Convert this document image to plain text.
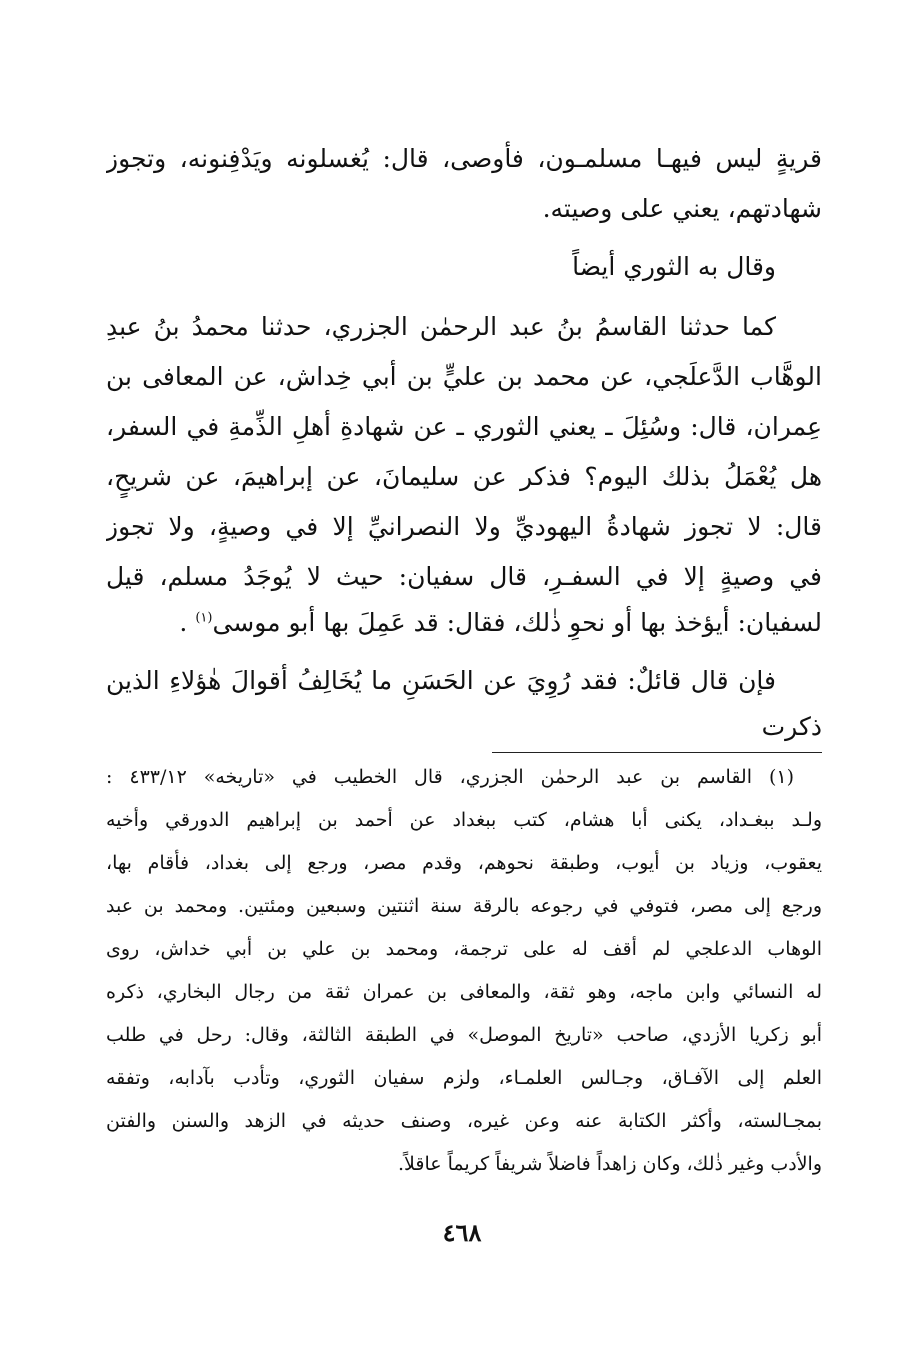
قريةٍ ليس فيهـا مسلمـون، فأوصى، قال: يُغسلونه ويَدْفِنونه، وتجوز
شهادتهم، يعني على وصيته.
وقال به الثوري أيضاً
كما حدثنا القاسمُ بنُ عبد الرحمٰن الجزري، حدثنا محمدُ بنُ عبدِ
الوهَّاب الدَّعلَجي، عن محمد بن عليٍّ بن أبي خِداش، عن المعافى بن
عِمران، قال: وسُئِلَ ـ يعني الثوري ـ عن شهادةِ أهلِ الذِّمةِ في السفر،
هل يُعْمَلُ بذلك اليوم؟ فذكر عن سليمانَ، عن إبراهيمَ، عن شريحٍ،
قال: لا تجوز شهادةُ اليهوديِّ ولا النصرانيِّ إلا في وصيةٍ، ولا تجوز
في وصيةٍ إلا في السفـرِ، قال سفيان: حيث لا يُوجَدُ مسلم، قيل
لسفيان: أيؤخذ بها أو نحوِ ذٰلك، فقال: قد عَمِلَ بها أبو موسى$^{(١)}$ .
فإن قال قائلٌ: فقد رُوِيَ عن الحَسَنِ ما يُخَالِفُ أقوالَ هٰؤلاءِ الذين
ذكرت
(١) القاسم بن عبد الرحمٰن الجزري، قال الخطيب في «تاريخه» ٤٣٣/١٢ :
ولـد ببغـداد، يكنى أبا هشام، كتب ببغداد عن أحمد بن إبراهيم الدورقي وأخيه
يعقوب، وزياد بن أيوب، وطبقة نحوهم، وقدم مصر، ورجع إلى بغداد، فأقام بها،
ورجع إلى مصر، فتوفي في رجوعه بالرقة سنة اثنتين وسبعين ومئتين. ومحمد بن عبد
الوهاب الدعلجي لم أقف له على ترجمة، ومحمد بن علي بن أبي خداش، روى
له النسائي وابن ماجه، وهو ثقة، والمعافى بن عمران ثقة من رجال البخاري، ذكره
أبو زكريا الأزدي، صاحب «تاريخ الموصل» في الطبقة الثالثة، وقال: رحل في طلب
العلم إلى الآفـاق، وجـالس العلمـاء، ولزم سفيان الثوري، وتأدب بآدابه، وتفقه
بمجـالسته، وأكثر الكتابة عنه وعن غيره، وصنف حديثه في الزهد والسنن والفتن
والأدب وغير ذٰلك، وكان زاهداً فاضلاً شريفاً كريماً عاقلاً.
٤٦٨
